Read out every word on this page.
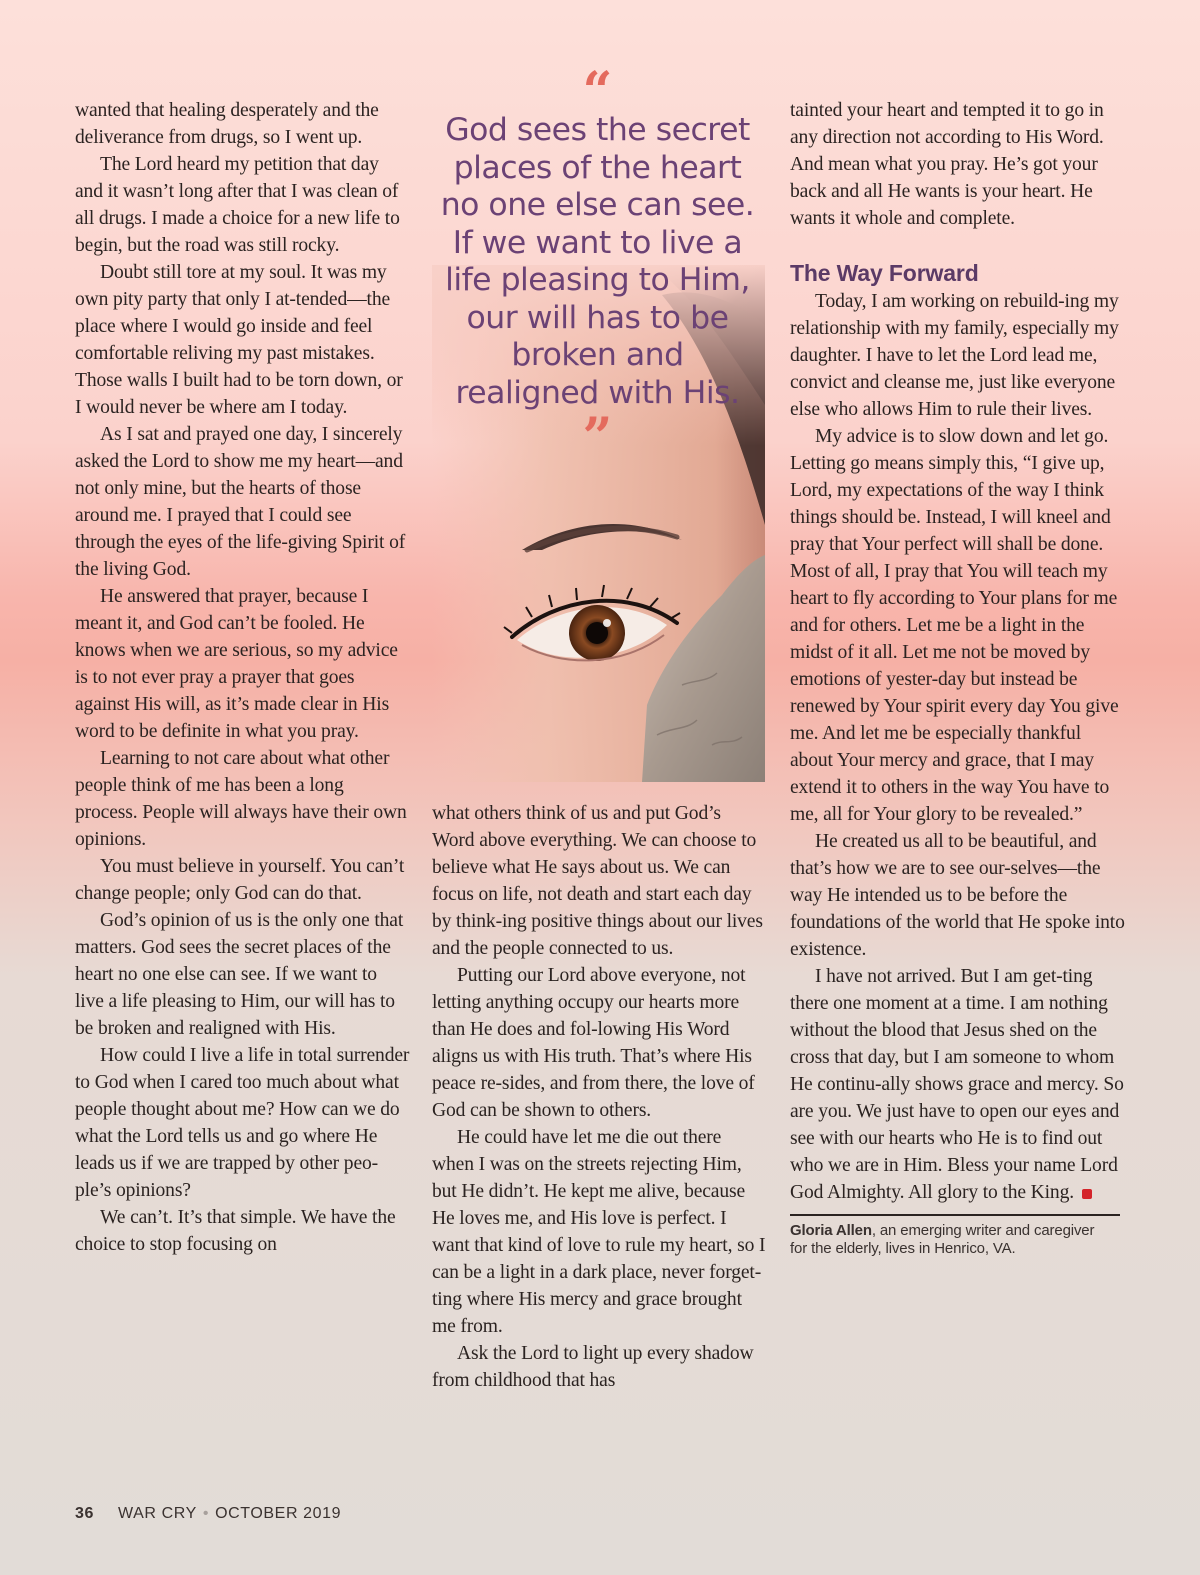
“
God sees the secret places of the heart no one else can see. If we want to live a life pleasing to Him, our will has to be broken and realigned with His.
”

wanted that healing desperately and the deliverance from drugs, so I went up.

The Lord heard my petition that day and it wasn’t long after that I was clean of all drugs. I made a choice for a new life to begin, but the road was still rocky.

Doubt still tore at my soul. It was my own pity party that only I at-tended—the place where I would go inside and feel comfortable reliving my past mistakes. Those walls I built had to be torn down, or I would never be where am I today.

As I sat and prayed one day, I sincerely asked the Lord to show me my heart—and not only mine, but the hearts of those around me. I prayed that I could see through the eyes of the life-giving Spirit of the living God.

He answered that prayer, because I meant it, and God can’t be fooled. He knows when we are serious, so my advice is to not ever pray a prayer that goes against His will, as it’s made clear in His word to be definite in what you pray.

Learning to not care about what other people think of me has been a long process. People will always have their own opinions.

You must believe in yourself. You can’t change people; only God can do that.

God’s opinion of us is the only one that matters. God sees the secret places of the heart no one else can see. If we want to live a life pleasing to Him, our will has to be broken and realigned with His.

How could I live a life in total surrender to God when I cared too much about what people thought about me? How can we do what the Lord tells us and go where He leads us if we are trapped by other peo-ple’s opinions?

We can’t. It’s that simple. We have the choice to stop focusing on

what others think of us and put God’s Word above everything. We can choose to believe what He says about us. We can focus on life, not death and start each day by think-ing positive things about our lives and the people connected to us.

Putting our Lord above everyone, not letting anything occupy our hearts more than He does and fol-lowing His Word aligns us with His truth. That’s where His peace re-sides, and from there, the love of God can be shown to others.

He could have let me die out there when I was on the streets rejecting Him, but He didn’t. He kept me alive, because He loves me, and His love is perfect. I want that kind of love to rule my heart, so I can be a light in a dark place, never forget-ting where His mercy and grace brought me from.

Ask the Lord to light up every shadow from childhood that has

tainted your heart and tempted it to go in any direction not according to His Word. And mean what you pray. He’s got your back and all He wants is your heart. He wants it whole and complete.

The Way Forward

Today, I am working on rebuild-ing my relationship with my family, especially my daughter. I have to let the Lord lead me, convict and cleanse me, just like everyone else who allows Him to rule their lives.

My advice is to slow down and let go. Letting go means simply this, “I give up, Lord, my expectations of the way I think things should be. Instead, I will kneel and pray that Your perfect will shall be done. Most of all, I pray that You will teach my heart to fly according to Your plans for me and for others. Let me be a light in the midst of it all. Let me not be moved by emotions of yester-day but instead be renewed by Your spirit every day You give me. And let me be especially thankful about Your mercy and grace, that I may extend it to others in the way You have to me, all for Your glory to be revealed.”

He created us all to be beautiful, and that’s how we are to see our-selves—the way He intended us to be before the foundations of the world that He spoke into existence.

I have not arrived. But I am get-ting there one moment at a time. I am nothing without the blood that Jesus shed on the cross that day, but I am someone to whom He continu-ally shows grace and mercy. So are you. We just have to open our eyes and see with our hearts who He is to find out who we are in Him. Bless your name Lord God Almighty. All glory to the King.

Gloria Allen, an emerging writer and caregiver for the elderly, lives in Henrico, VA.
36 WAR CRY • OCTOBER 2019
